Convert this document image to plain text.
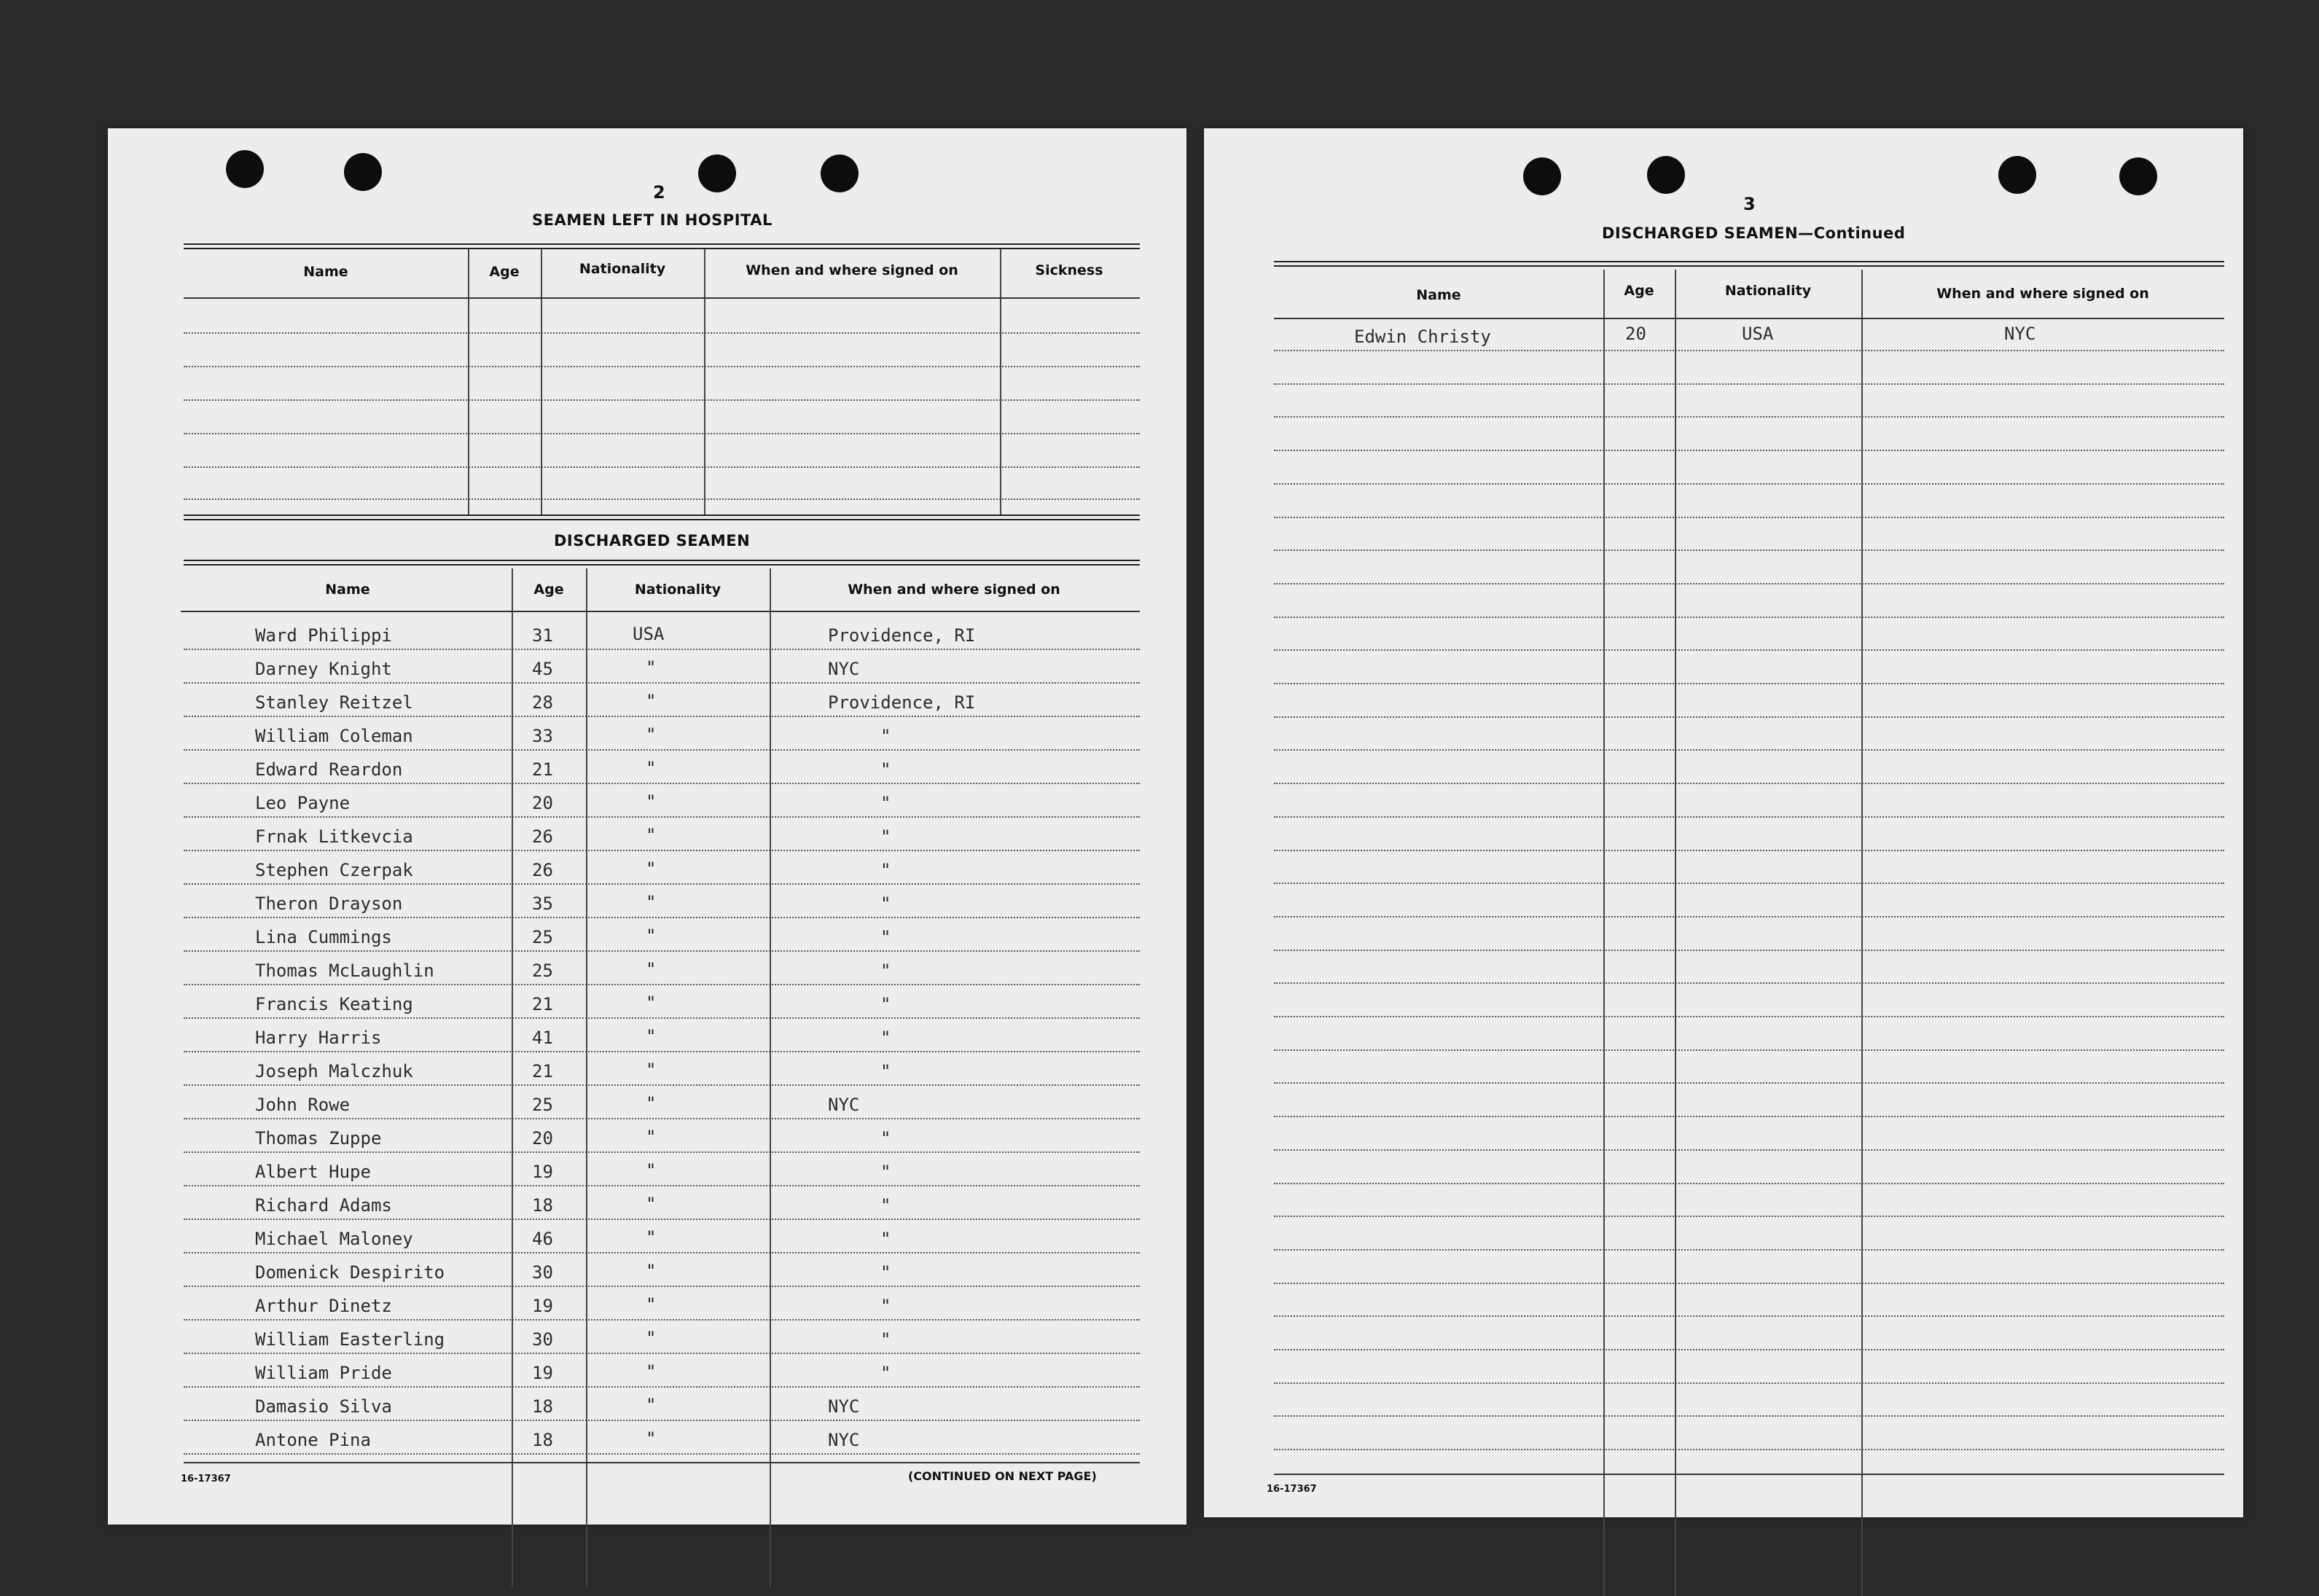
2
SEAMEN LEFT IN HOSPITAL
Name	Age	Nationality	When and where signed on	Sickness
DISCHARGED SEAMEN
Name	Age	Nationality	When and where signed on
Ward Philippi	31	USA	Providence, RI
Darney Knight	45	"	NYC
Stanley Reitzel	28	"	Providence, RI
William Coleman	33	"	"
Edward Reardon	21	"	"
Leo Payne	20	"	"
Frnak Litkevcia	26	"	"
Stephen Czerpak	26	"	"
Theron Drayson	35	"	"
Lina Cummings	25	"	"
Thomas McLaughlin	25	"	"
Francis Keating	21	"	"
Harry Harris	41	"	"
Joseph Malczhuk	21	"	"
John Rowe	25	"	NYC
Thomas Zuppe	20	"	"
Albert Hupe	19	"	"
Richard Adams	18	"	"
Michael Maloney	46	"	"
Domenick Despirito	30	"	"
Arthur Dinetz	19	"	"
William Easterling	30	"	"
William Pride	19	"	"
Damasio Silva	18	"	NYC
Antone Pina	18	"	NYC
16-17367	(CONTINUED ON NEXT PAGE)
3
DISCHARGED SEAMEN—Continued
Name	Age	Nationality	When and where signed on
Edwin Christy	20	USA	NYC
16-17367
